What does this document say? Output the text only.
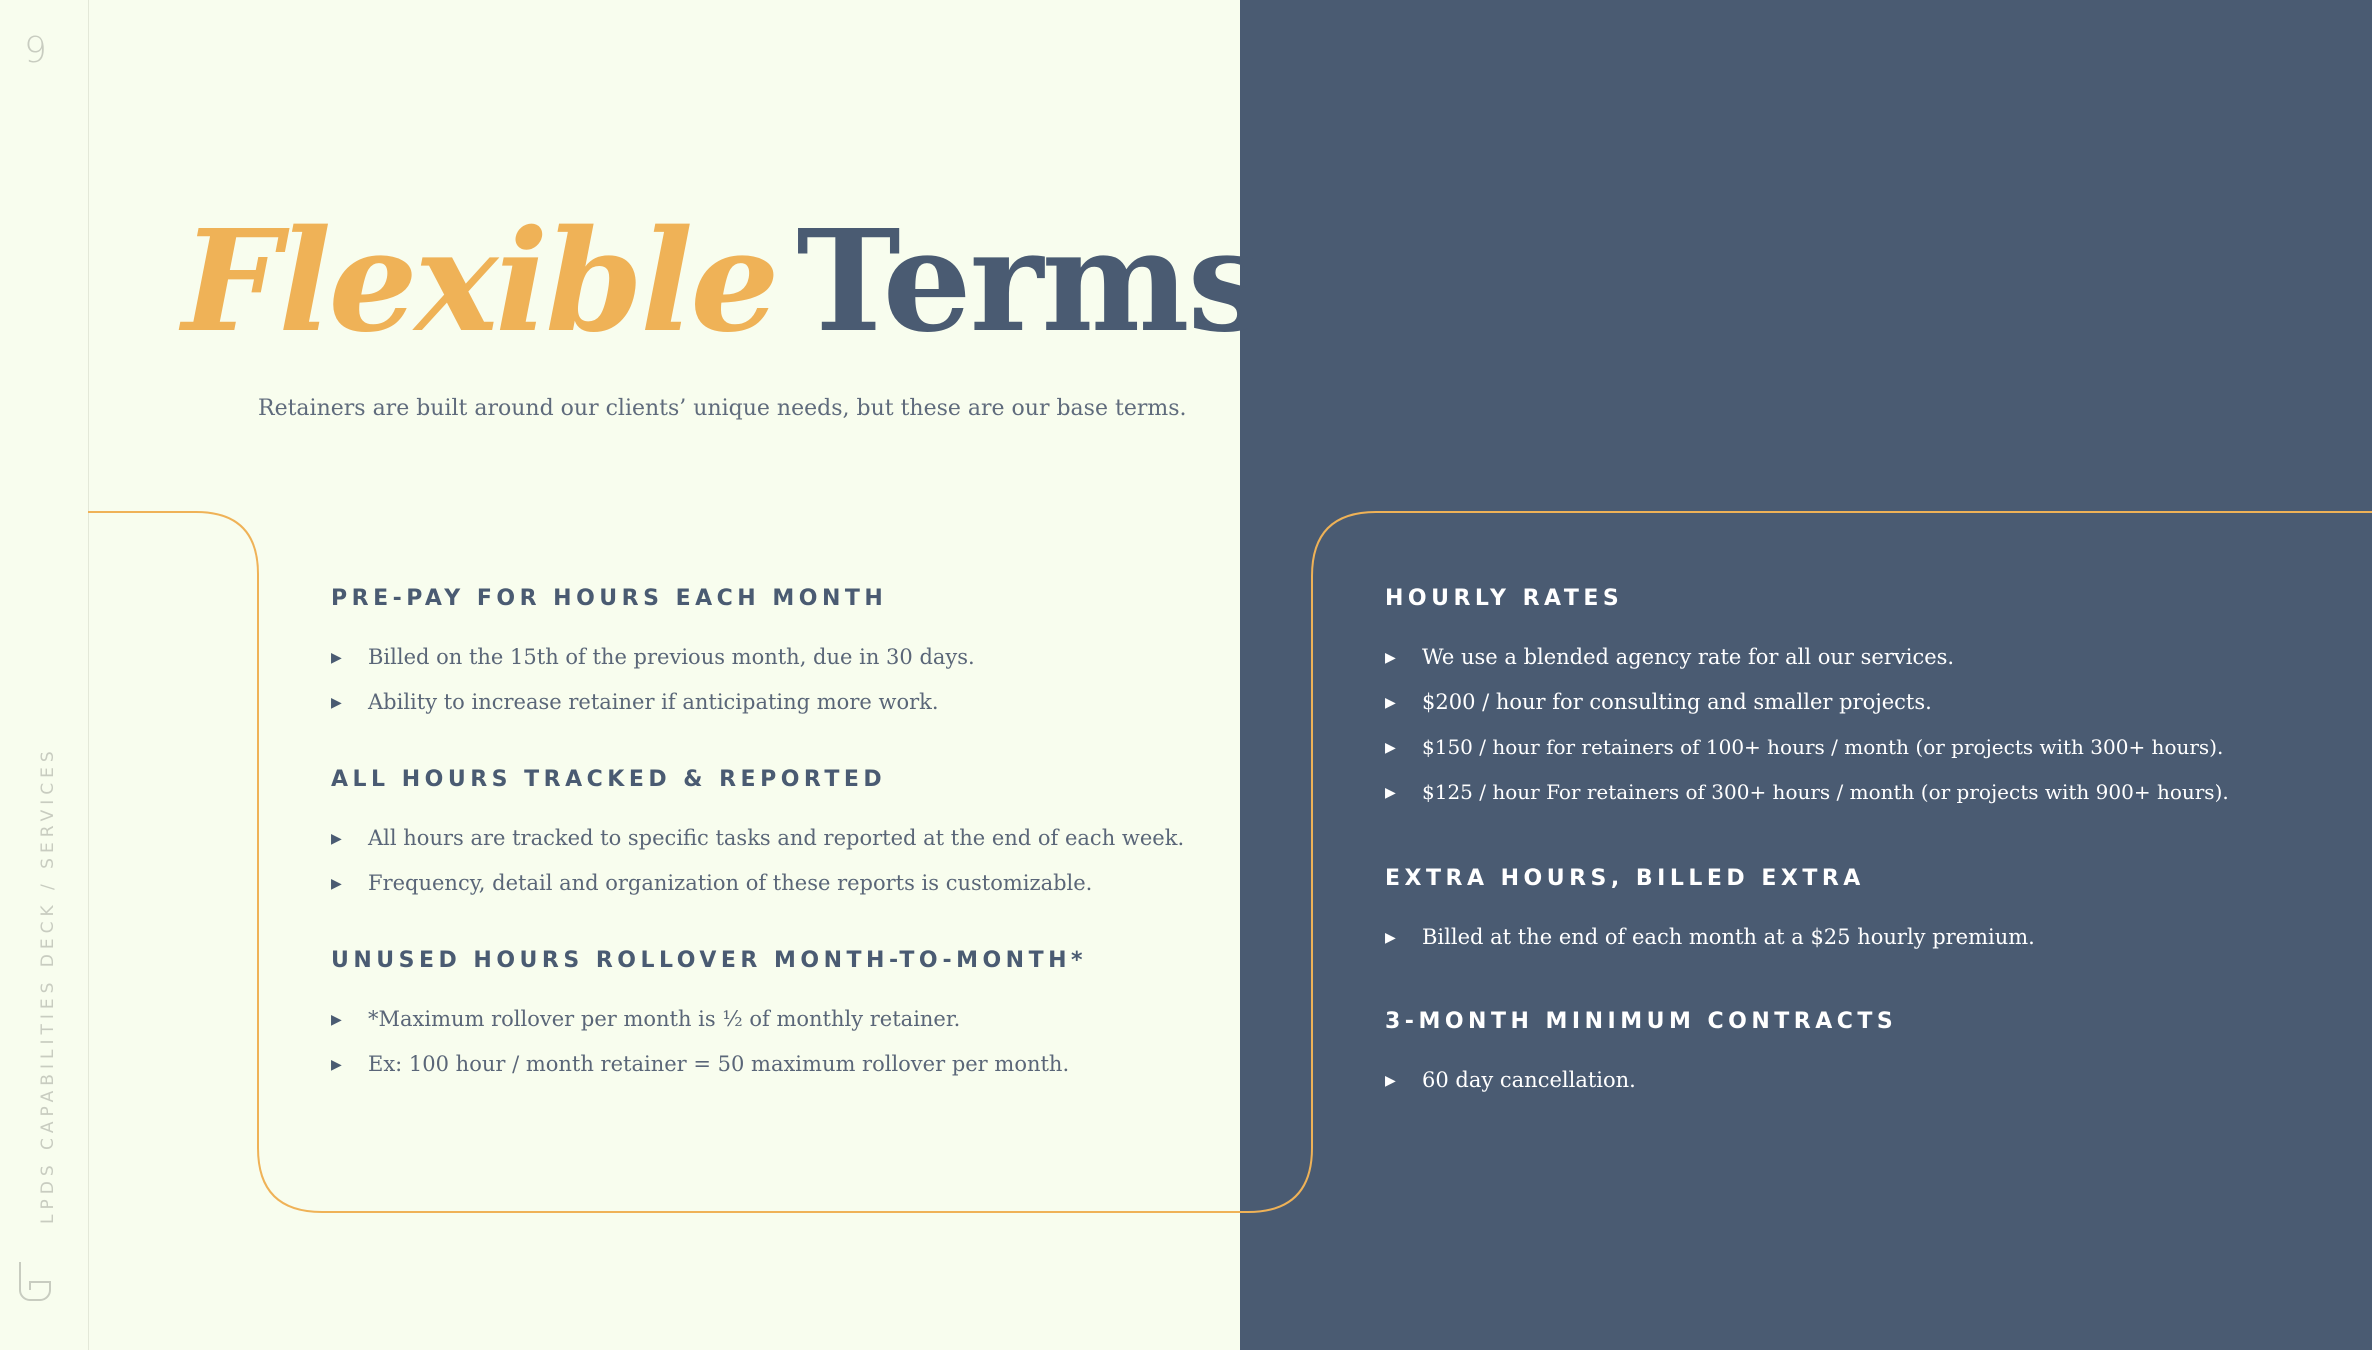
9
LPDS CAPABILITIES DECK / SERVICES
Flexible Terms
Retainers are built around our clients’ unique needs, but these are our base terms.
PRE-PAY FOR HOURS EACH MONTH
▶ Billed on the 15th of the previous month, due in 30 days.
▶ Ability to increase retainer if anticipating more work.
ALL HOURS TRACKED & REPORTED
▶ All hours are tracked to specific tasks and reported at the end of each week.
▶ Frequency, detail and organization of these reports is customizable.
UNUSED HOURS ROLLOVER MONTH-TO-MONTH*
▶ *Maximum rollover per month is ½ of monthly retainer.
▶ Ex: 100 hour / month retainer = 50 maximum rollover per month.
HOURLY RATES
▶ We use a blended agency rate for all our services.
▶ $200 / hour for consulting and smaller projects.
▶ $150 / hour for retainers of 100+ hours / month (or projects with 300+ hours).
▶ $125 / hour For retainers of 300+ hours / month (or projects with 900+ hours).
EXTRA HOURS, BILLED EXTRA
▶ Billed at the end of each month at a $25 hourly premium.
3-MONTH MINIMUM CONTRACTS
▶ 60 day cancellation.
